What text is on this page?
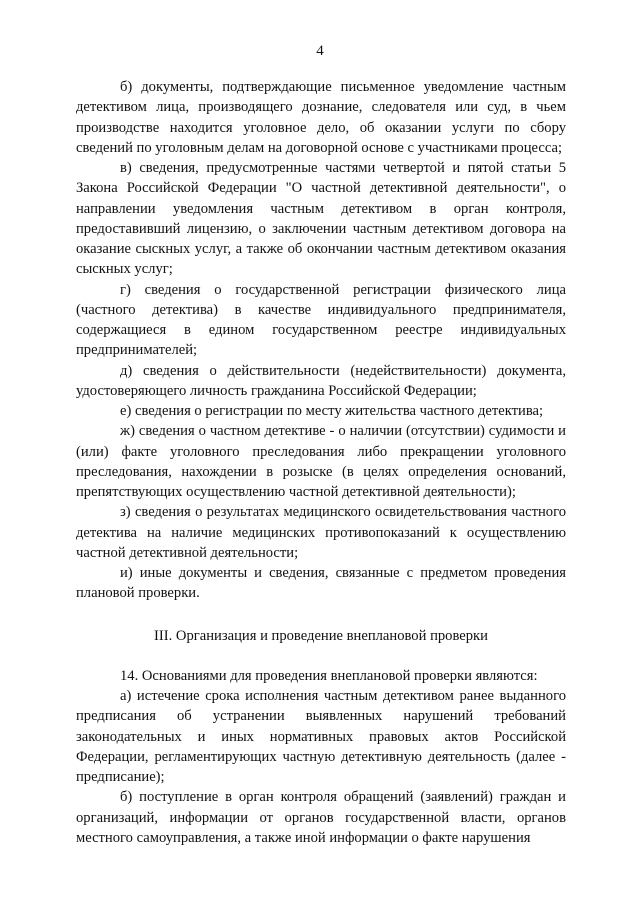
4

б) документы, подтверждающие письменное уведомление частным детективом лица, производящего дознание, следователя или суд, в чьем производстве находится уголовное дело, об оказании услуги по сбору сведений по уголовным делам на договорной основе с участниками процесса;

в) сведения, предусмотренные частями четвертой и пятой статьи 5 Закона Российской Федерации "О частной детективной деятельности", о направлении уведомления частным детективом в орган контроля, предоставивший лицензию, о заключении частным детективом договора на оказание сыскных услуг, а также об окончании частным детективом оказания сыскных услуг;

г) сведения о государственной регистрации физического лица (частного детектива) в качестве индивидуального предпринимателя, содержащиеся в едином государственном реестре индивидуальных предпринимателей;

д) сведения о действительности (недействительности) документа, удостоверяющего личность гражданина Российской Федерации;

е) сведения о регистрации по месту жительства частного детектива;

ж) сведения о частном детективе - о наличии (отсутствии) судимости и (или) факте уголовного преследования либо прекращении уголовного преследования, нахождении в розыске (в целях определения оснований, препятствующих осуществлению частной детективной деятельности);

з) сведения о результатах медицинского освидетельствования частного детектива на наличие медицинских противопоказаний к осуществлению частной детективной деятельности;

и) иные документы и сведения, связанные с предметом проведения плановой проверки.

III. Организация и проведение внеплановой проверки

14. Основаниями для проведения внеплановой проверки являются:

а) истечение срока исполнения частным детективом ранее выданного предписания об устранении выявленных нарушений требований законодательных и иных нормативных правовых актов Российской Федерации, регламентирующих частную детективную деятельность (далее - предписание);

б) поступление в орган контроля обращений (заявлений) граждан и организаций, информации от органов государственной власти, органов местного самоуправления, а также иной информации о факте нарушения
